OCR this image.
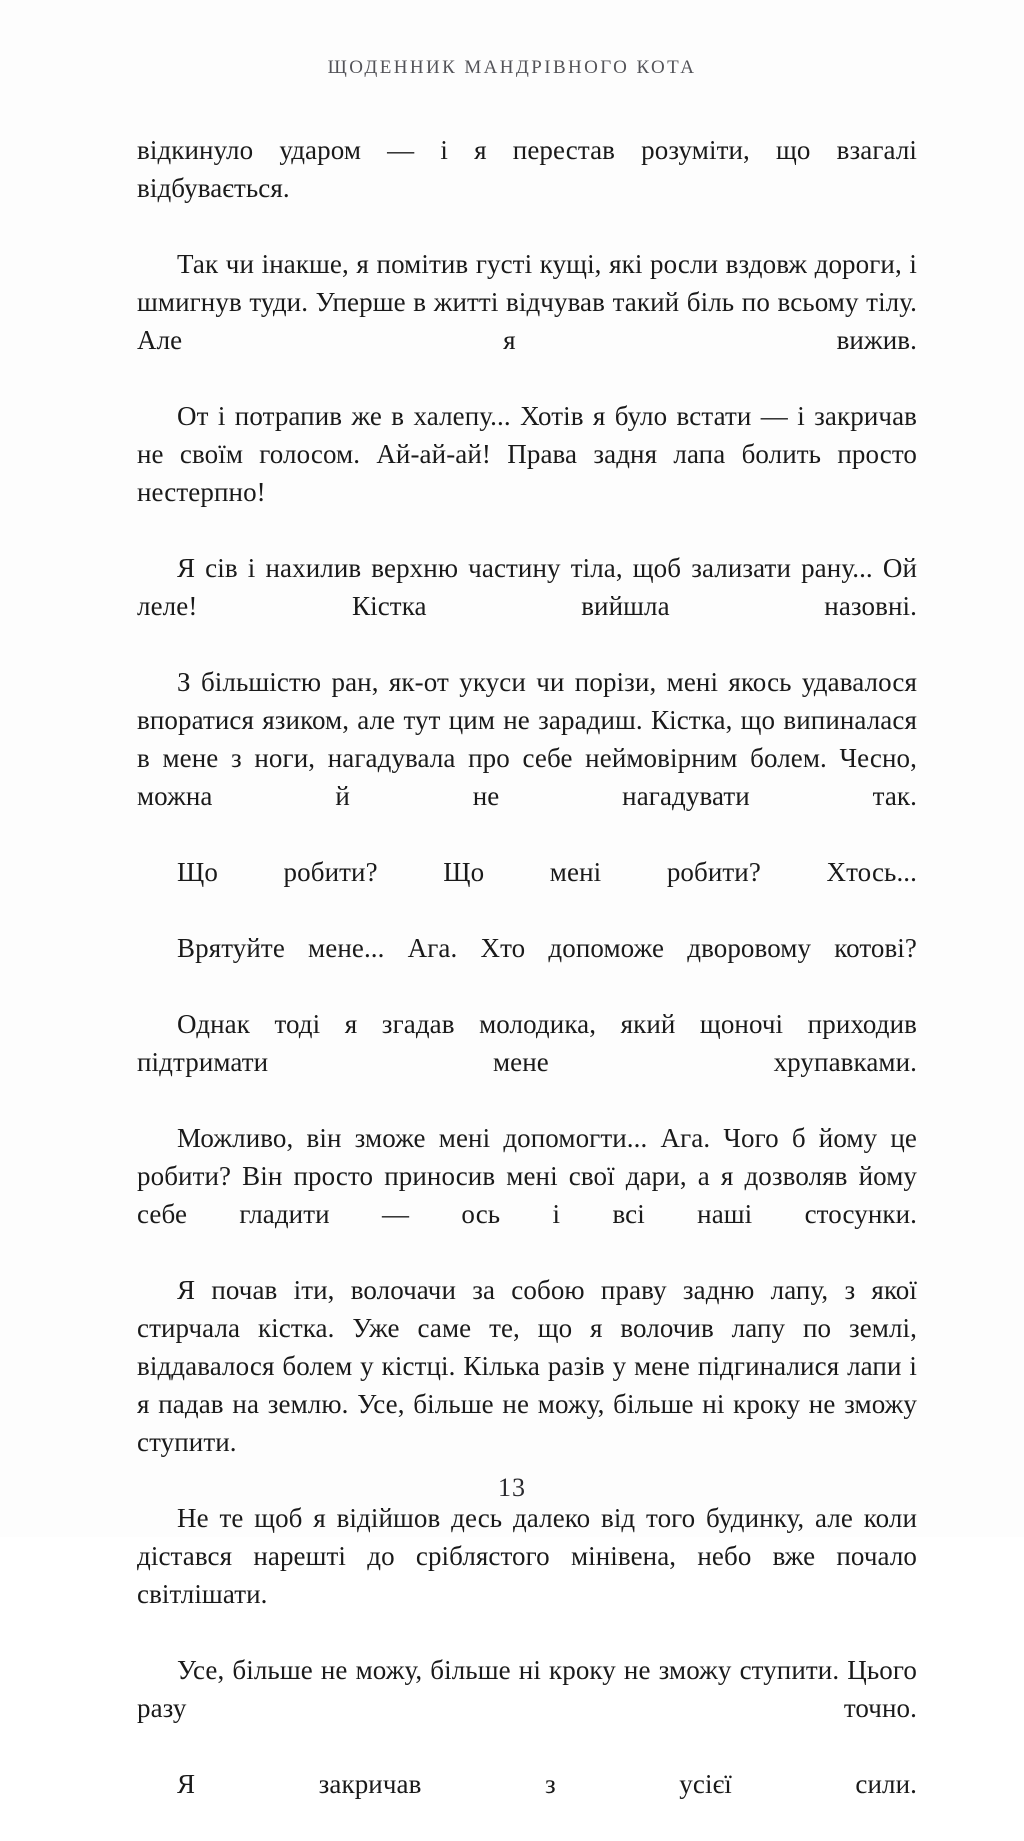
ЩОДЕННИК МАНДРІВНОГО КОТА

відкинуло ударом — і я перестав розуміти, що взагалі відбувається.

Так чи інакше, я помітив густі кущі, які росли вздовж дороги, і шмигнув туди. Уперше в житті відчував такий біль по всьому тілу. Але я вижив.

От і потрапив же в халепу... Хотів я було встати — і закричав не своїм голосом. Ай-ай-ай! Права задня лапа болить просто нестерпно!

Я сів і нахилив верхню частину тіла, щоб зализати рану... Ой леле! Кістка вийшла назовні.

З більшістю ран, як-от укуси чи порізи, мені якось удавалося впоратися язиком, але тут цим не зарадиш. Кістка, що випиналася в мене з ноги, нагадувала про себе неймовірним болем. Чесно, можна й не нагадувати так.

Що робити? Що мені робити? Хтось...

Врятуйте мене... Ага. Хто допоможе дворовому котові?

Однак тоді я згадав молодика, який щоночі приходив підтримати мене хрупавками.

Можливо, він зможе мені допомогти... Ага. Чого б йому це робити? Він просто приносив мені свої дари, а я дозволяв йому себе гладити — ось і всі наші стосунки.

Я почав іти, волочачи за собою праву задню лапу, з якої стирчала кістка. Уже саме те, що я волочив лапу по землі, віддавалося болем у кістці. Кілька разів у мене підгиналися лапи і я падав на землю. Усе, більше не можу, більше ні кроку не зможу ступити.

Не те щоб я відійшов десь далеко від того будинку, але коли дістався нарешті до сріблястого мінівена, небо вже почало світлішати.

Усе, більше не можу, більше ні кроку не зможу ступити. Цього разу точно.

Я закричав з усієї сили.

13
